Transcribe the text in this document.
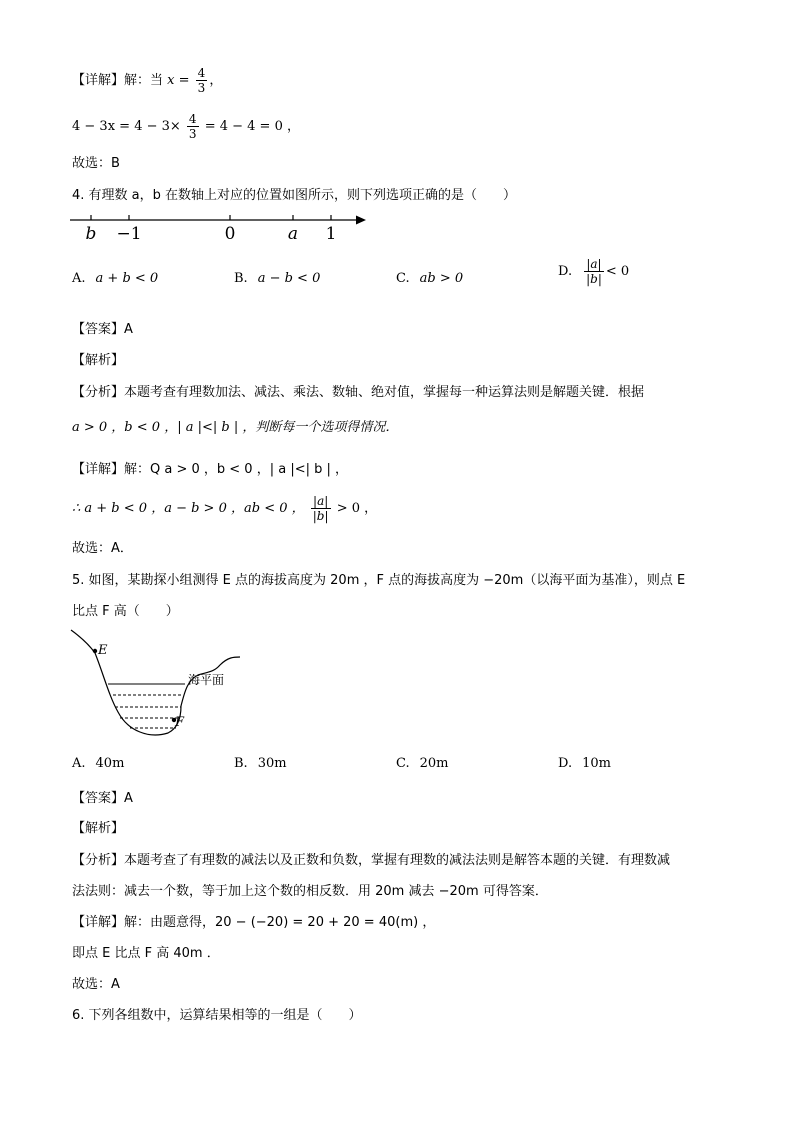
【详解】解：当 $x = \frac{4}{3}$ ，
$4 - 3x = 4 - 3\times \frac{4}{3} = 4 - 4 = 0$ ，
故选：B
4. 有理数 a，b 在数轴上对应的位置如图所示，则下列选项正确的是（　　）
b −1	0	a 1
A. a + b < 0	B. a − b < 0	C. ab > 0	D. $\frac{|a|}{|b|} < 0$
【答案】A
【解析】
【分析】本题考查有理数加法、减法、乘法、数轴、绝对值，掌握每一种运算法则是解题关键．根据
a > 0 ，b < 0 ，| a |<| b | ，判断每一个选项得情况．
【详解】解：Q a > 0 ，b < 0 ，| a |<| b | ，
∴ a + b < 0 ，a − b > 0 ，ab < 0 ， $\frac{|a|}{|b|} > 0$ ，
故选：A．
5. 如图，某勘探小组测得 E 点的海拔高度为 20m ，F 点的海拔高度为 −20m（以海平面为基准），则点 E
比点 F 高（　　）
E
F
海平面
A. 40m	B. 30m	C. 20m	D. 10m
【答案】A
【解析】
【分析】本题考查了有理数的减法以及正数和负数，掌握有理数的减法法则是解答本题的关键．有理数减
法法则：减去一个数，等于加上这个数的相反数．用 20m 减去 −20m 可得答案．
【详解】解：由题意得，20 − (−20) = 20 + 20 = 40(m) ，
即点 E 比点 F 高 40m ．
故选：A
6. 下列各组数中，运算结果相等的一组是（　　）
